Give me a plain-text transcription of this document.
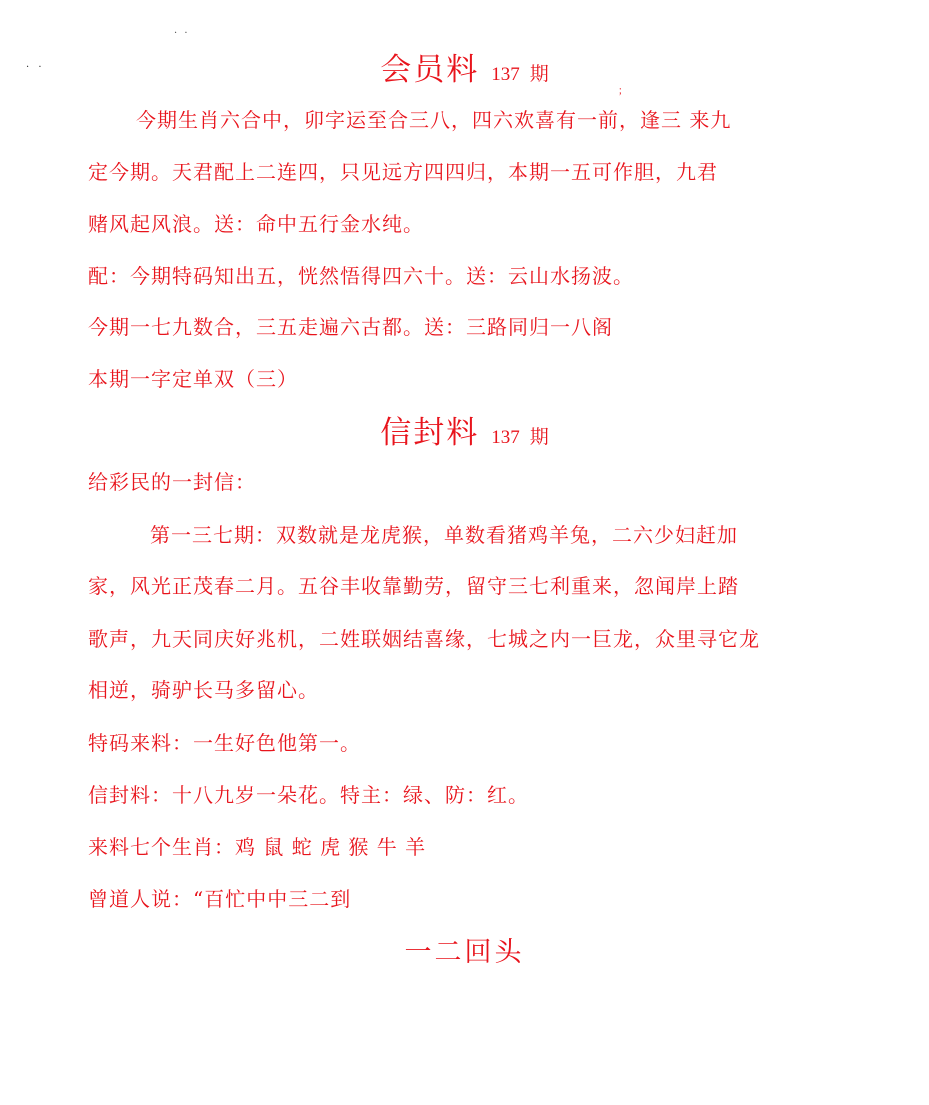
· ·
· ·
；
会员料 137 期
今期生肖六合中，卯字运至合三八，四六欢喜有一前，逢三 来九
定今期。天君配上二连四，只见远方四四归，本期一五可作胆，九君
赌风起风浪。送：命中五行金水纯。
配：今期特码知出五，恍然悟得四六十。送：云山水扬波。
今期一七九数合，三五走遍六古都。送：三路同归一八阁
本期一字定单双（三）
信封料 137 期
给彩民的一封信：
第一三七期：双数就是龙虎猴，单数看猪鸡羊兔，二六少妇赶加
家，风光正茂春二月。五谷丰收靠勤劳，留守三七利重来，忽闻岸上踏
歌声，九天同庆好兆机，二姓联姻结喜缘，七城之内一巨龙，众里寻它龙
相逆，骑驴长马多留心。
特码来料：一生好色他第一。
信封料：十八九岁一朵花。特主：绿、防：红。
来料七个生肖：鸡 鼠 蛇 虎 猴 牛 羊
曾道人说：“百忙中中三二到
一二回头
